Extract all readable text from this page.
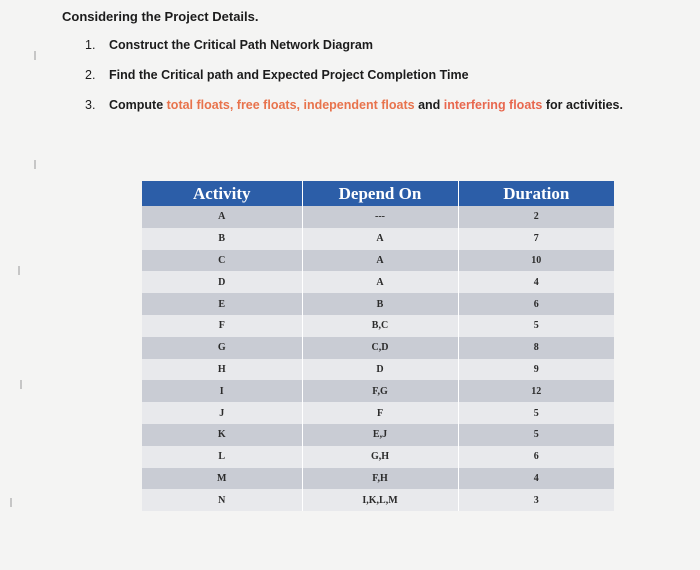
Considering the Project Details.
1. Construct the Critical Path Network Diagram
2. Find the Critical path and Expected Project Completion Time
3. Compute total floats, free floats, independent floats and interfering floats for activities.
Activity	Depend On	Duration
A	---	2
B	A	7
C	A	10
D	A	4
E	B	6
F	B,C	5
G	C,D	8
H	D	9
I	F,G	12
J	F	5
K	E,J	5
L	G,H	6
M	F,H	4
N	I,K,L,M	3
